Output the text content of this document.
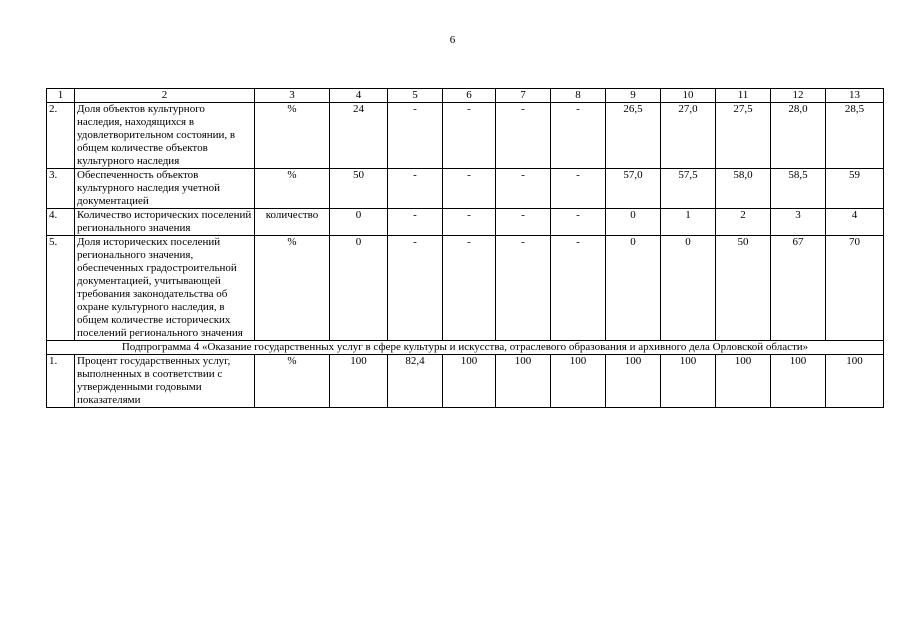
6
1	2	3	4	5	6	7	8	9	10	11	12	13
2.	Доля объектов культурного наследия, находящихся в удовлетворительном состоянии, в общем количестве объектов культурного наследия	%	24	-	-	-	-	26,5	27,0	27,5	28,0	28,5
3.	Обеспеченность объектов культурного наследия учетной документацией	%	50	-	-	-	-	57,0	57,5	58,0	58,5	59
4.	Количество исторических поселений регионального значения	количество	0	-	-	-	-	0	1	2	3	4
5.	Доля исторических поселений регионального значения, обеспеченных градостроительной документацией, учитывающей требования законодательства об охране культурного наследия, в общем количестве исторических поселений регионального значения	%	0	-	-	-	-	0	0	50	67	70
Подпрограмма 4 «Оказание государственных услуг в сфере культуры и искусства, отраслевого образования и архивного дела Орловской области»												
1.	Процент государственных услуг, выполненных в соответствии с утвержденными годовыми показателями	%	100	82,4	100	100	100	100	100	100	100	100
